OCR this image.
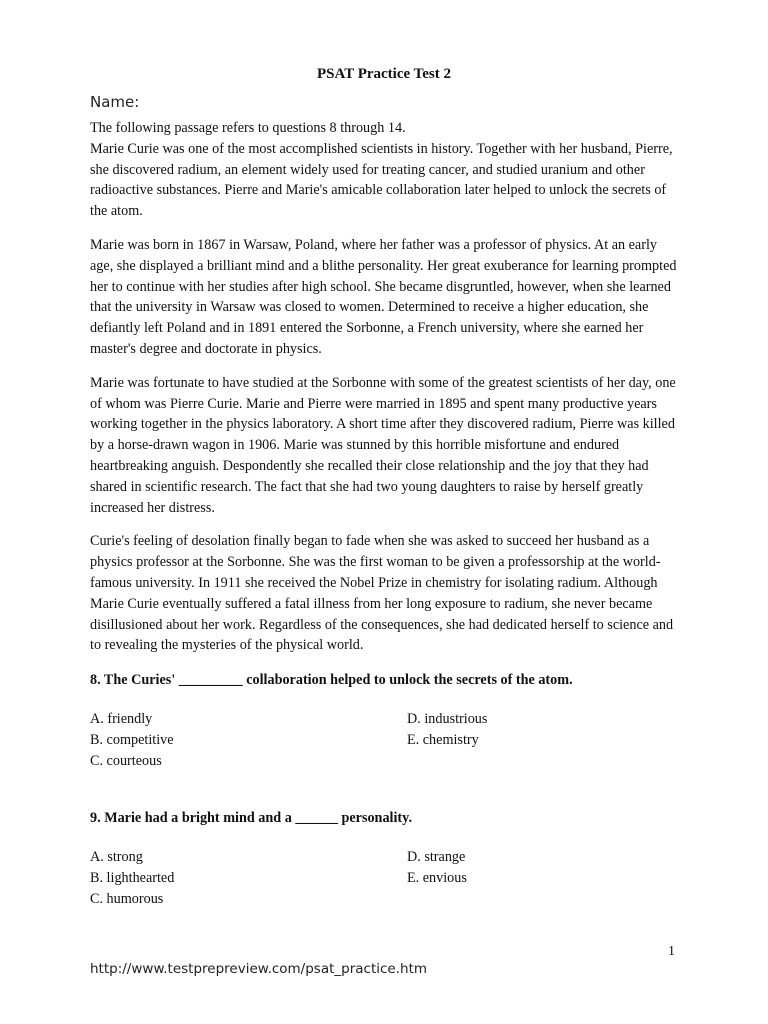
PSAT Practice Test 2
Name:

The following passage refers to questions 8 through 14.

Marie Curie was one of the most accomplished scientists in history. Together with her husband, Pierre, she discovered radium, an element widely used for treating cancer, and studied uranium and other radioactive substances. Pierre and Marie's amicable collaboration later helped to unlock the secrets of the atom.

Marie was born in 1867 in Warsaw, Poland, where her father was a professor of physics. At an early age, she displayed a brilliant mind and a blithe personality. Her great exuberance for learning prompted her to continue with her studies after high school. She became disgruntled, however, when she learned that the university in Warsaw was closed to women. Determined to receive a higher education, she defiantly left Poland and in 1891 entered the Sorbonne, a French university, where she earned her master's degree and doctorate in physics.

Marie was fortunate to have studied at the Sorbonne with some of the greatest scientists of her day, one of whom was Pierre Curie. Marie and Pierre were married in 1895 and spent many productive years working together in the physics laboratory. A short time after they discovered radium, Pierre was killed by a horse-drawn wagon in 1906. Marie was stunned by this horrible misfortune and endured heartbreaking anguish. Despondently she recalled their close relationship and the joy that they had shared in scientific research. The fact that she had two young daughters to raise by herself greatly increased her distress.

Curie's feeling of desolation finally began to fade when she was asked to succeed her husband as a physics professor at the Sorbonne. She was the first woman to be given a professorship at the world-famous university. In 1911 she received the Nobel Prize in chemistry for isolating radium. Although Marie Curie eventually suffered a fatal illness from her long exposure to radium, she never became disillusioned about her work. Regardless of the consequences, she had dedicated herself to science and to revealing the mysteries of the physical world.

8. The Curies' _________ collaboration helped to unlock the secrets of the atom.
A. friendly
B. competitive
C. courteous
D. industrious
E. chemistry
9. Marie had a bright mind and a ______ personality.
A. strong
B. lighthearted
C. humorous
D. strange
E. envious
1
http://www.testprepreview.com/psat_practice.htm
